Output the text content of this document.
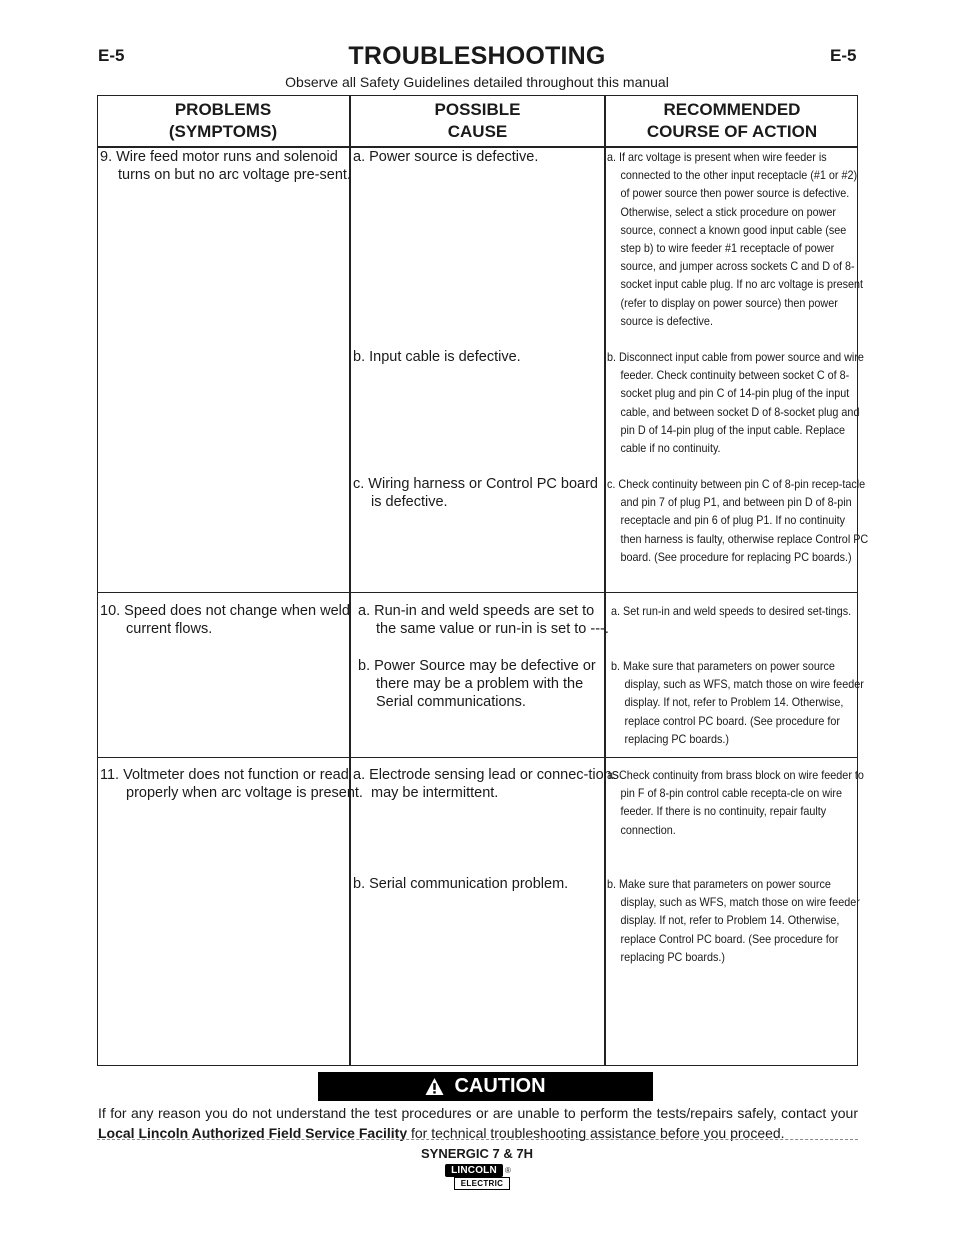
E-5	TROUBLESHOOTING	E-5
Observe all Safety Guidelines detailed throughout this manual
PROBLEMS
(SYMPTOMS)
POSSIBLE
CAUSE
RECOMMENDED
COURSE OF ACTION
9. Wire feed motor runs and solenoid turns on but no arc voltage pre-sent.
a. Power source is defective.
b. Input cable is defective.
c. Wiring harness or Control PC board is defective.
a. If arc voltage is present when wire feeder is connected to the other input receptacle (#1 or #2) of power source then power source is defective. Otherwise, select a stick procedure on power source, connect a known good input cable (see step b) to wire feeder #1 receptacle of power source, and jumper across sockets C and D of 8-socket input cable plug. If no arc voltage is present (refer to display on power source) then power source is defective.
b. Disconnect input cable from power source and wire feeder. Check continuity between socket C of 8-socket plug and pin C of 14-pin plug of the input cable, and between socket D of 8-socket plug and pin D of 14-pin plug of the input cable. Replace cable if no continuity.
c. Check continuity between pin C of 8-pin recep-tacle and pin 7 of plug P1, and between pin D of 8-pin receptacle and pin 6 of plug P1. If no continuity then harness is faulty, otherwise replace Control PC board. (See procedure for replacing PC boards.)
10. Speed does not change when weld current flows.
a. Run-in and weld speeds are set to the same value or run-in is set to ---.
b. Power Source may be defective or there may be a problem with the Serial communications.
a. Set run-in and weld speeds to desired set-tings.
b. Make sure that parameters on power source display, such as WFS, match those on wire feeder display. If not, refer to Problem 14. Otherwise, replace control PC board. (See procedure for replacing PC boards.)
11. Voltmeter does not function or read properly when arc voltage is present.
a. Electrode sensing lead or connec-tions may be intermittent.
b. Serial communication problem.
a. Check continuity from brass block on wire feeder to pin F of 8-pin control cable recepta-cle on wire feeder. If there is no continuity, repair faulty connection.
b. Make sure that parameters on power source display, such as WFS, match those on wire feeder display. If not, refer to Problem 14. Otherwise, replace Control PC board. (See procedure for replacing PC boards.)
CAUTION
If for any reason you do not understand the test procedures or are unable to perform the tests/repairs safely, contact your Local Lincoln Authorized Field Service Facility for technical troubleshooting assistance before you proceed.
SYNERGIC 7 & 7H
LINCOLN
ELECTRIC
®
